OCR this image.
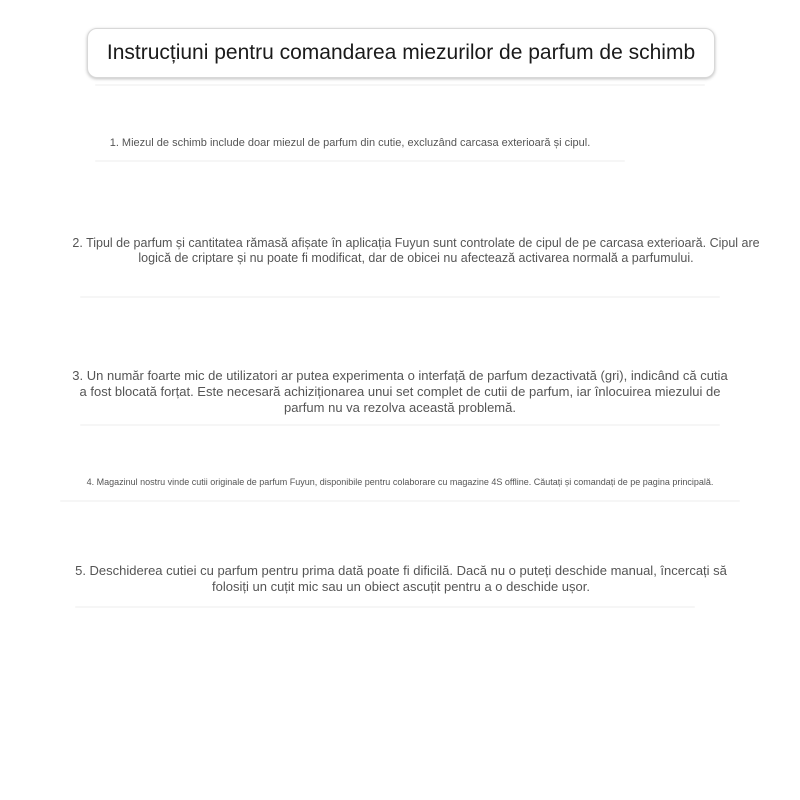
Instrucțiuni pentru comandarea miezurilor de parfum de schimb
1. Miezul de schimb include doar miezul de parfum din cutie, excluzând carcasa exterioară și cipul.
2. Tipul de parfum și cantitatea rămasă afișate în aplicația Fuyun sunt controlate de cipul de pe carcasa exterioară. Cipul are logică de criptare și nu poate fi modificat, dar de obicei nu afectează activarea normală a parfumului.
3. Un număr foarte mic de utilizatori ar putea experimenta o interfață de parfum dezactivată (gri), indicând că cutia a fost blocată forțat. Este necesară achiziționarea unui set complet de cutii de parfum, iar înlocuirea miezului de parfum nu va rezolva această problemă.
4. Magazinul nostru vinde cutii originale de parfum Fuyun, disponibile pentru colaborare cu magazine 4S offline. Căutați și comandați de pe pagina principală.
5. Deschiderea cutiei cu parfum pentru prima dată poate fi dificilă. Dacă nu o puteți deschide manual, încercați să folosiți un cuțit mic sau un obiect ascuțit pentru a o deschide ușor.
